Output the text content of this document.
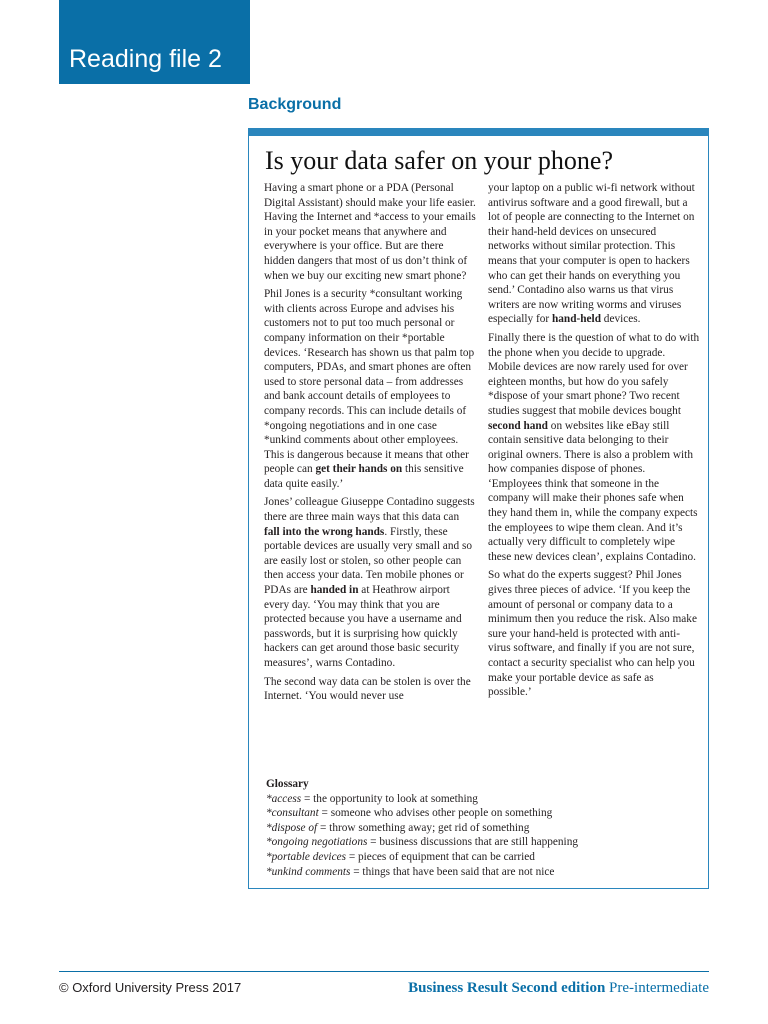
Reading file 2
Background
Is your data safer on your phone?

Having a smart phone or a PDA (Personal Digital Assistant) should make your life easier. Having the Internet and *access to your emails in your pocket means that anywhere and everywhere is your office. But are there hidden dangers that most of us don’t think of when we buy our exciting new smart phone?

Phil Jones is a security *consultant working with clients across Europe and advises his customers not to put too much personal or company information on their *portable devices. ‘Research has shown us that palm top computers, PDAs, and smart phones are often used to store personal data – from addresses and bank account details of employees to company records. This can include details of *ongoing negotiations and in one case *unkind comments about other employees. This is dangerous because it means that other people can get their hands on this sensitive data quite easily.’

Jones’ colleague Giuseppe Contadino suggests there are three main ways that this data can fall into the wrong hands. Firstly, these portable devices are usually very small and so are easily lost or stolen, so other people can then access your data. Ten mobile phones or PDAs are handed in at Heathrow airport every day. ‘You may think that you are protected because you have a username and passwords, but it is surprising how quickly hackers can get around those basic security measures’, warns Contadino.

The second way data can be stolen is over the Internet. ‘You would never use

your laptop on a public wi-fi network without antivirus software and a good firewall, but a lot of people are connecting to the Internet on their hand-held devices on unsecured networks without similar protection. This means that your computer is open to hackers who can get their hands on everything you send.’ Contadino also warns us that virus writers are now writing worms and viruses especially for hand-held devices.

Finally there is the question of what to do with the phone when you decide to upgrade. Mobile devices are now rarely used for over eighteen months, but how do you safely *dispose of your smart phone? Two recent studies suggest that mobile devices bought second hand on websites like eBay still contain sensitive data belonging to their original owners. There is also a problem with how companies dispose of phones. ‘Employees think that someone in the company will make their phones safe when they hand them in, while the company expects the employees to wipe them clean. And it’s actually very difficult to completely wipe these new devices clean’, explains Contadino.

So what do the experts suggest? Phil Jones gives three pieces of advice. ‘If you keep the amount of personal or company data to a minimum then you reduce the risk. Also make sure your hand-held is protected with anti-virus software, and finally if you are not sure, contact a security specialist who can help you make your portable device as safe as possible.’

Glossary
*access = the opportunity to look at something
*consultant = someone who advises other people on something
*dispose of = throw something away; get rid of something
*ongoing negotiations = business discussions that are still happening
*portable devices = pieces of equipment that can be carried
*unkind comments = things that have been said that are not nice
© Oxford University Press 2017	Business Result Second edition Pre-intermediate
